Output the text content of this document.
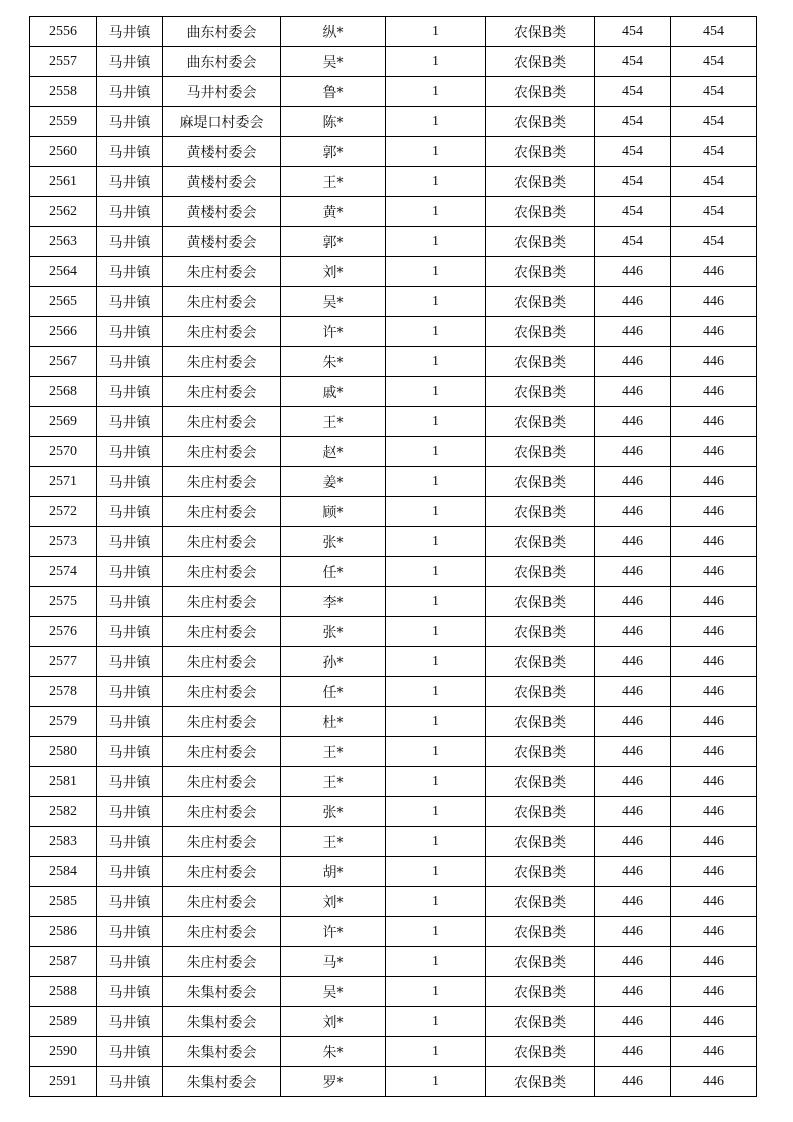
2556	马井镇	曲东村委会	纵*	1	农保B类	454	454
2557	马井镇	曲东村委会	吴*	1	农保B类	454	454
2558	马井镇	马井村委会	鲁*	1	农保B类	454	454
2559	马井镇	麻堤口村委会	陈*	1	农保B类	454	454
2560	马井镇	黄楼村委会	郭*	1	农保B类	454	454
2561	马井镇	黄楼村委会	王*	1	农保B类	454	454
2562	马井镇	黄楼村委会	黄*	1	农保B类	454	454
2563	马井镇	黄楼村委会	郭*	1	农保B类	454	454
2564	马井镇	朱庄村委会	刘*	1	农保B类	446	446
2565	马井镇	朱庄村委会	吴*	1	农保B类	446	446
2566	马井镇	朱庄村委会	许*	1	农保B类	446	446
2567	马井镇	朱庄村委会	朱*	1	农保B类	446	446
2568	马井镇	朱庄村委会	戚*	1	农保B类	446	446
2569	马井镇	朱庄村委会	王*	1	农保B类	446	446
2570	马井镇	朱庄村委会	赵*	1	农保B类	446	446
2571	马井镇	朱庄村委会	姜*	1	农保B类	446	446
2572	马井镇	朱庄村委会	顾*	1	农保B类	446	446
2573	马井镇	朱庄村委会	张*	1	农保B类	446	446
2574	马井镇	朱庄村委会	任*	1	农保B类	446	446
2575	马井镇	朱庄村委会	李*	1	农保B类	446	446
2576	马井镇	朱庄村委会	张*	1	农保B类	446	446
2577	马井镇	朱庄村委会	孙*	1	农保B类	446	446
2578	马井镇	朱庄村委会	任*	1	农保B类	446	446
2579	马井镇	朱庄村委会	杜*	1	农保B类	446	446
2580	马井镇	朱庄村委会	王*	1	农保B类	446	446
2581	马井镇	朱庄村委会	王*	1	农保B类	446	446
2582	马井镇	朱庄村委会	张*	1	农保B类	446	446
2583	马井镇	朱庄村委会	王*	1	农保B类	446	446
2584	马井镇	朱庄村委会	胡*	1	农保B类	446	446
2585	马井镇	朱庄村委会	刘*	1	农保B类	446	446
2586	马井镇	朱庄村委会	许*	1	农保B类	446	446
2587	马井镇	朱庄村委会	马*	1	农保B类	446	446
2588	马井镇	朱集村委会	吴*	1	农保B类	446	446
2589	马井镇	朱集村委会	刘*	1	农保B类	446	446
2590	马井镇	朱集村委会	朱*	1	农保B类	446	446
2591	马井镇	朱集村委会	罗*	1	农保B类	446	446
